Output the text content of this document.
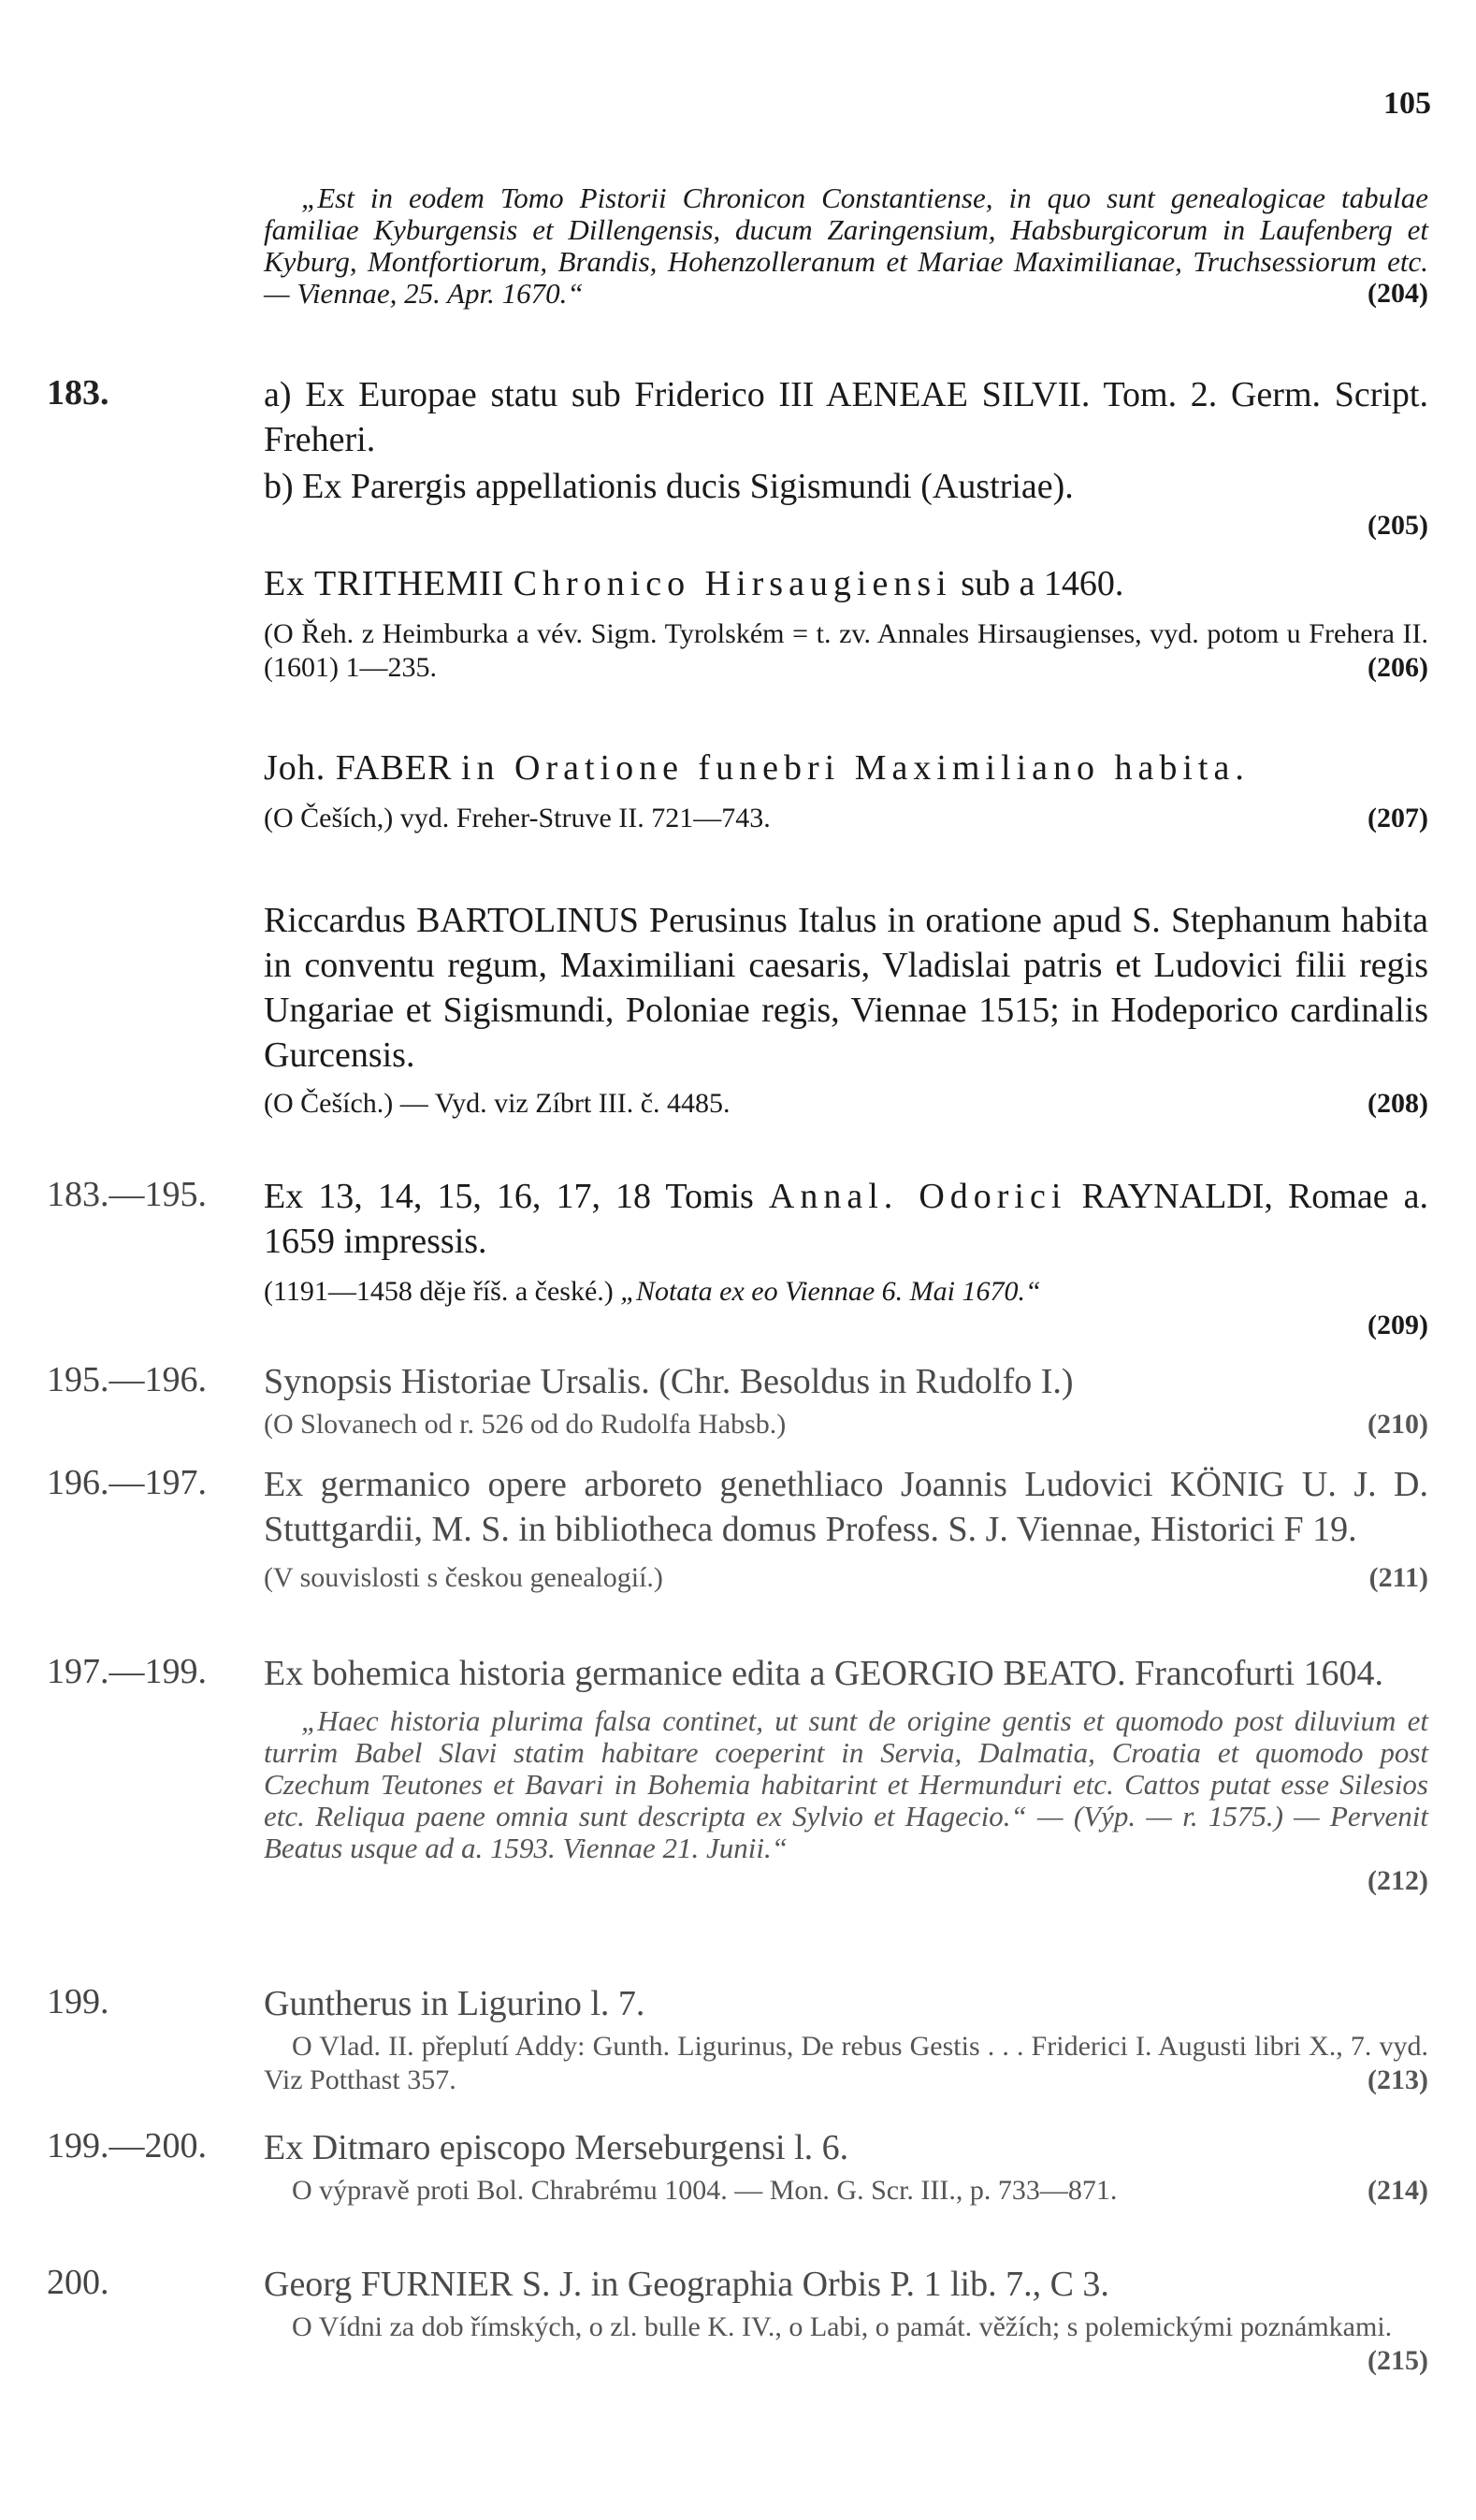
105

„Est in eodem Tomo Pistorii Chronicon Constantiense, in quo sunt genealogicae tabulae familiae Kyburgensis et Dillengensis, ducum Zaringensium, Habsburgicorum in Laufenberg et Kyburg, Montfortiorum, Brandis, Hohenzolleranum et Mariae Maximilianae, Truchsessiorum etc. — Viennae, 25. Apr. 1670.“	(204)

183.	a) Ex Europae statu sub Friderico III AENEAE SILVII. Tom. 2. Germ. Script. Freheri.

b) Ex Parergis appellationis ducis Sigismundi (Austriae).

(205)

Ex TRITHEMII Chronico Hirsaugiensi sub a 1460.

(O Řeh. z Heimburka a vév. Sigm. Tyrolském = t. zv. Annales Hirsaugienses, vyd. potom u Frehera II. (1601) 1—235.	(206)

Joh. FABER in Oratione funebri Maximiliano habita.

(O Češích,) vyd. Freher-Struve II. 721—743.	(207)

Riccardus BARTOLINUS Perusinus Italus in oratione apud S. Stephanum habita in conventu regum, Maximiliani caesaris, Vladislai patris et Ludovici filii regis Ungariae et Sigismundi, Poloniae regis, Viennae 1515; in Hodeporico cardinalis Gurcensis.

(O Češích.) — Vyd. viz Zíbrt III. č. 4485.	(208)

183.—195. Ex 13, 14, 15, 16, 17, 18 Tomis Annal. Odorici RAYNALDI, Romae a. 1659 impressis.

(1191—1458 děje říš. a české.) „Notata ex eo Viennae 6. Mai 1670.“

(209)

195.—196. Synopsis Historiae Ursalis. (Chr. Besoldus in Rudolfo I.)

(O Slovanech od r. 526 od do Rudolfa Habsb.)	(210)

196.—197. Ex germanico opere arboreto genethliaco Joannis Ludovici KÖNIG U. J. D. Stuttgardii, M. S. in bibliotheca domus Profess. S. J. Viennae, Historici F 19.

(V souvislosti s českou genealogií.)	(211)

197.—199. Ex bohemica historia germanice edita a GEORGIO BEATO. Francofurti 1604.

„Haec historia plurima falsa continet, ut sunt de origine gentis et quomodo post diluvium et turrim Babel Slavi statim habitare coeperint in Servia, Dalmatia, Croatia et quomodo post Czechum Teutones et Bavari in Bohemia habitarint et Hermunduri etc. Cattos putat esse Silesios etc. Reliqua paene omnia sunt descripta ex Sylvio et Hagecio.“ — (Výp. — r. 1575.) — Pervenit Beatus usque ad a. 1593. Viennae 21. Junii.“

(212)

199.	Guntherus in Ligurino l. 7.

O Vlad. II. přeplutí Addy: Gunth. Ligurinus, De rebus Gestis . . . Friderici I. Augusti libri X., 7. vyd. Viz Potthast 357.	(213)

199.—200. Ex Ditmaro episcopo Merseburgensi l. 6.

O výpravě proti Bol. Chrabrému 1004. — Mon. G. Scr. III., p. 733—871.	(214)

200.	Georg FURNIER S. J. in Geographia Orbis P. 1 lib. 7., C 3.

O Vídni za dob římských, o zl. bulle K. IV., o Labi, o památ. věžích; s polemickými poznámkami.
(215)
